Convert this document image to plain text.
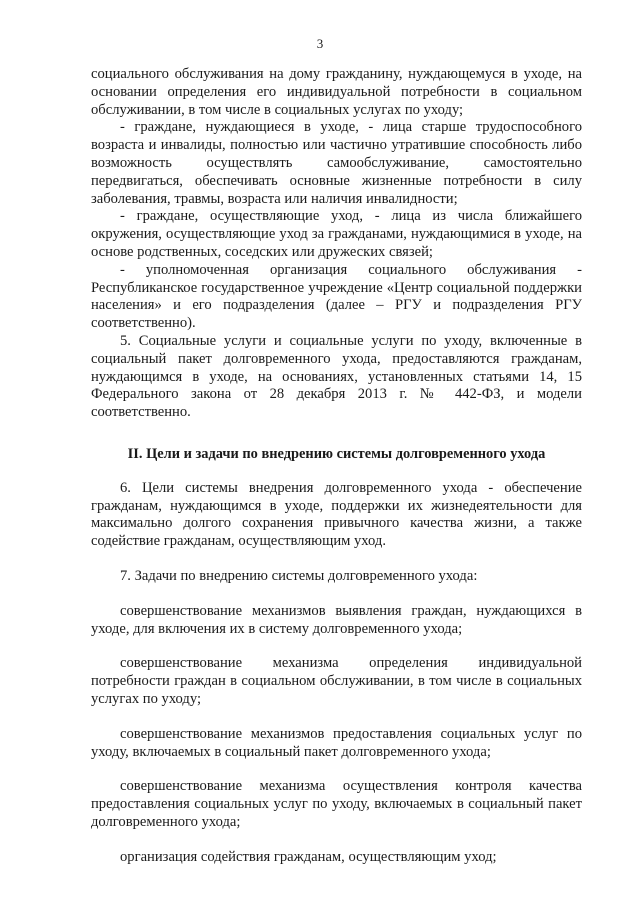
3

социального обслуживания на дому гражданину, нуждающемуся в уходе, на основании определения его индивидуальной потребности в социальном обслуживании, в том числе в социальных услугах по уходу;

- граждане, нуждающиеся в уходе, - лица старше трудоспособного возраста и инвалиды, полностью или частично утратившие способность либо возможность осуществлять самообслуживание, самостоятельно передвигаться, обеспечивать основные жизненные потребности в силу заболевания, травмы, возраста или наличия инвалидности;

- граждане, осуществляющие уход, - лица из числа ближайшего окружения, осуществляющие уход за гражданами, нуждающимися в уходе, на основе родственных, соседских или дружеских связей;

- уполномоченная организация социального обслуживания - Республиканское государственное учреждение «Центр социальной поддержки населения» и его подразделения (далее – РГУ и подразделения РГУ соответственно).

5. Социальные услуги и социальные услуги по уходу, включенные в социальный пакет долговременного ухода, предоставляются гражданам, нуждающимся в уходе, на основаниях, установленных статьями 14, 15 Федерального закона от 28 декабря 2013 г. № 442-ФЗ, и модели соответственно.

II. Цели и задачи по внедрению системы долговременного ухода

6. Цели системы внедрения долговременного ухода - обеспечение гражданам, нуждающимся в уходе, поддержки их жизнедеятельности для максимально долгого сохранения привычного качества жизни, а также содействие гражданам, осуществляющим уход.

7. Задачи по внедрению системы долговременного ухода:

совершенствование механизмов выявления граждан, нуждающихся в уходе, для включения их в систему долговременного ухода;

совершенствование механизма определения индивидуальной потребности граждан в социальном обслуживании, в том числе в социальных услугах по уходу;

совершенствование механизмов предоставления социальных услуг по уходу, включаемых в социальный пакет долговременного ухода;

совершенствование механизма осуществления контроля качества предоставления социальных услуг по уходу, включаемых в социальный пакет долговременного ухода;

организация содействия гражданам, осуществляющим уход;
